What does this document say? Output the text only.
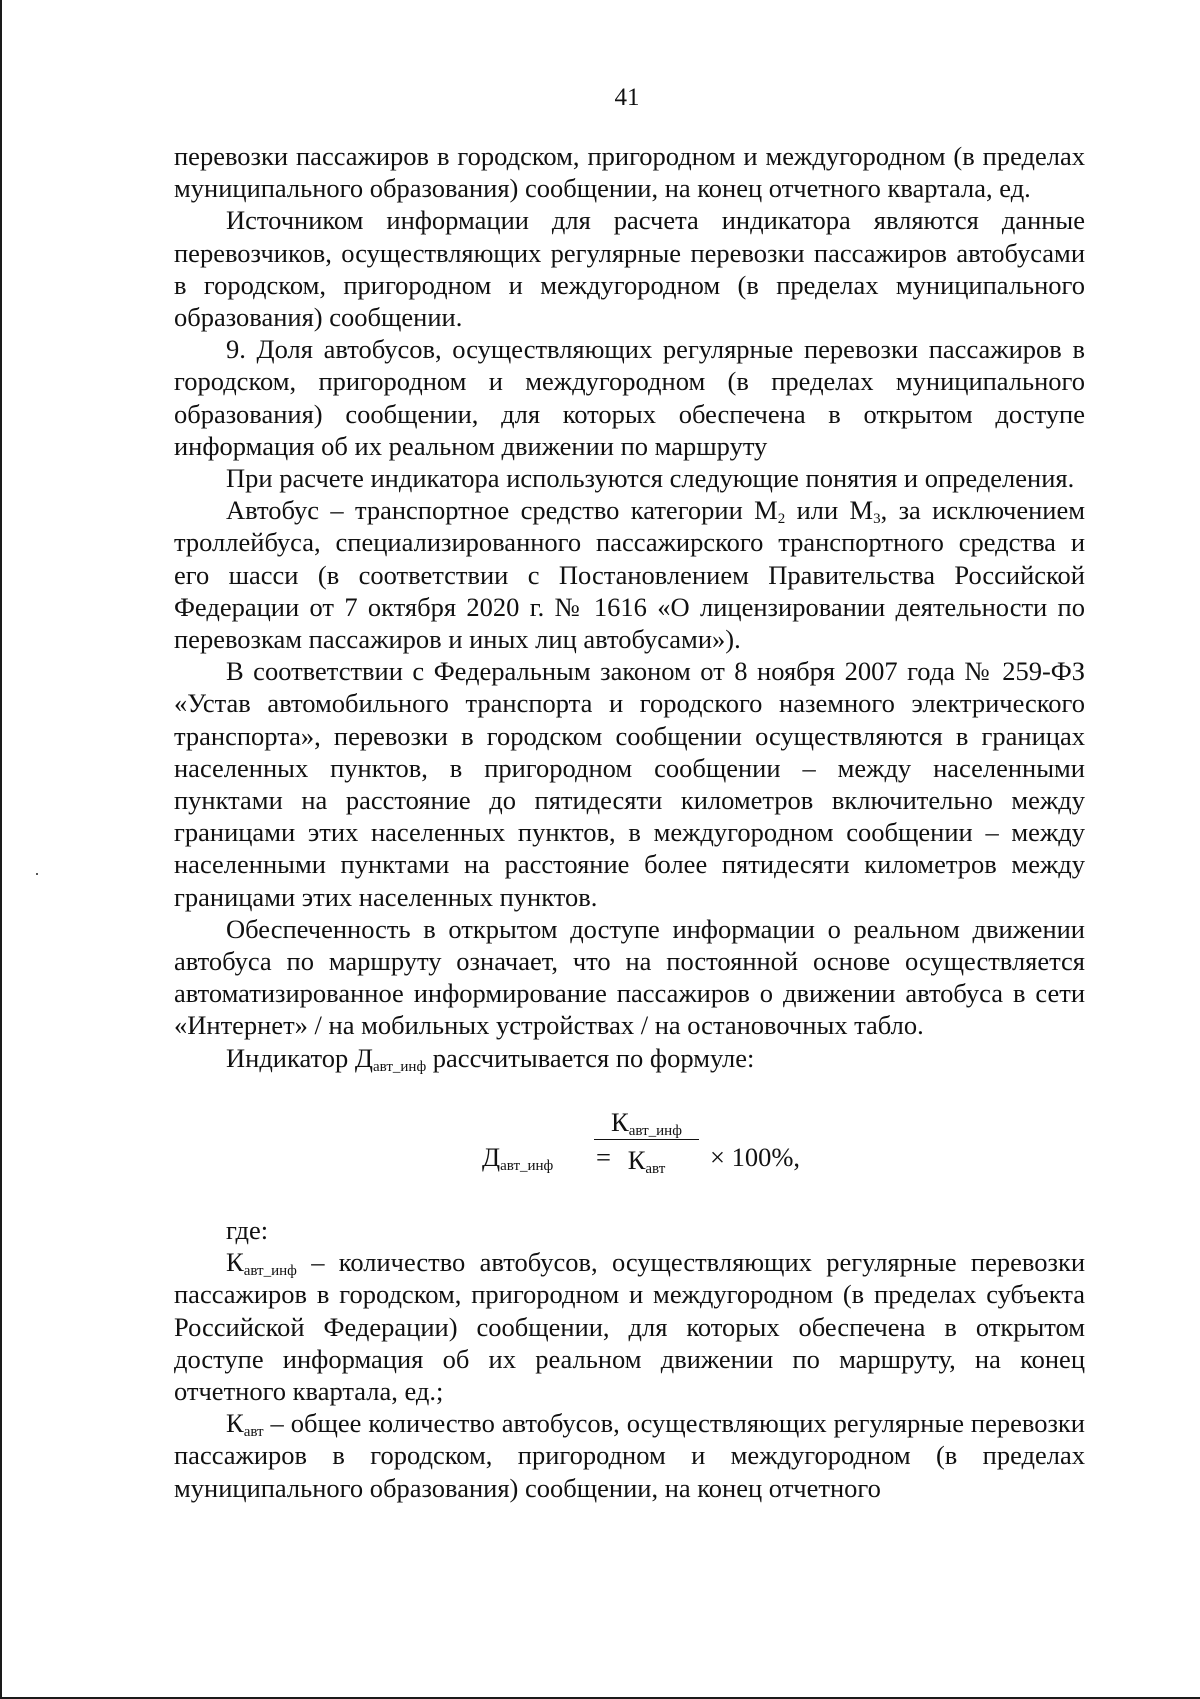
41

перевозки пассажиров в городском, пригородном и междугородном (в пределах муниципального образования) сообщении, на конец отчетного квартала, ед.

Источником информации для расчета индикатора являются данные перевозчиков, осуществляющих регулярные перевозки пассажиров автобусами в городском, пригородном и междугородном (в пределах муниципального образования) сообщении.

9. Доля автобусов, осуществляющих регулярные перевозки пассажиров в городском, пригородном и междугородном (в пределах муниципального образования) сообщении, для которых обеспечена в открытом доступе информация об их реальном движении по маршруту

При расчете индикатора используются следующие понятия и определения.

Автобус – транспортное средство категории $М_2$ или $М_3$, за исключением троллейбуса, специализированного пассажирского транспортного средства и его шасси (в соответствии с Постановлением Правительства Российской Федерации от 7 октября 2020 г. № 1616 «О лицензировании деятельности по перевозкам пассажиров и иных лиц автобусами»).

В соответствии с Федеральным законом от 8 ноября 2007 года № 259-ФЗ «Устав автомобильного транспорта и городского наземного электрического транспорта», перевозки в городском сообщении осуществляются в границах населенных пунктов, в пригородном сообщении – между населенными пунктами на расстояние до пятидесяти километров включительно между границами этих населенных пунктов, в междугородном сообщении – между населенными пунктами на расстояние более пятидесяти километров между границами этих населенных пунктов.

Обеспеченность в открытом доступе информации о реальном движении автобуса по маршруту означает, что на постоянной основе осуществляется автоматизированное информирование пассажиров о движении автобуса в сети «Интернет» / на мобильных устройствах / на остановочных табло.

Индикатор $Д_{авт\_инф}$ рассчитывается по формуле:

$Д_{авт\_инф}$ =
$К_{авт\_инф}$
$К_{авт}$	× 100%,

где:

$К_{авт\_инф}$ – количество автобусов, осуществляющих регулярные перевозки пассажиров в городском, пригородном и междугородном (в пределах субъекта Российской Федерации) сообщении, для которых обеспечена в открытом доступе информация об их реальном движении по маршруту, на конец отчетного квартала, ед.;

$К_{авт}$ – общее количество автобусов, осуществляющих регулярные перевозки пассажиров в городском, пригородном и междугородном (в пределах муниципального образования) сообщении, на конец отчетного
